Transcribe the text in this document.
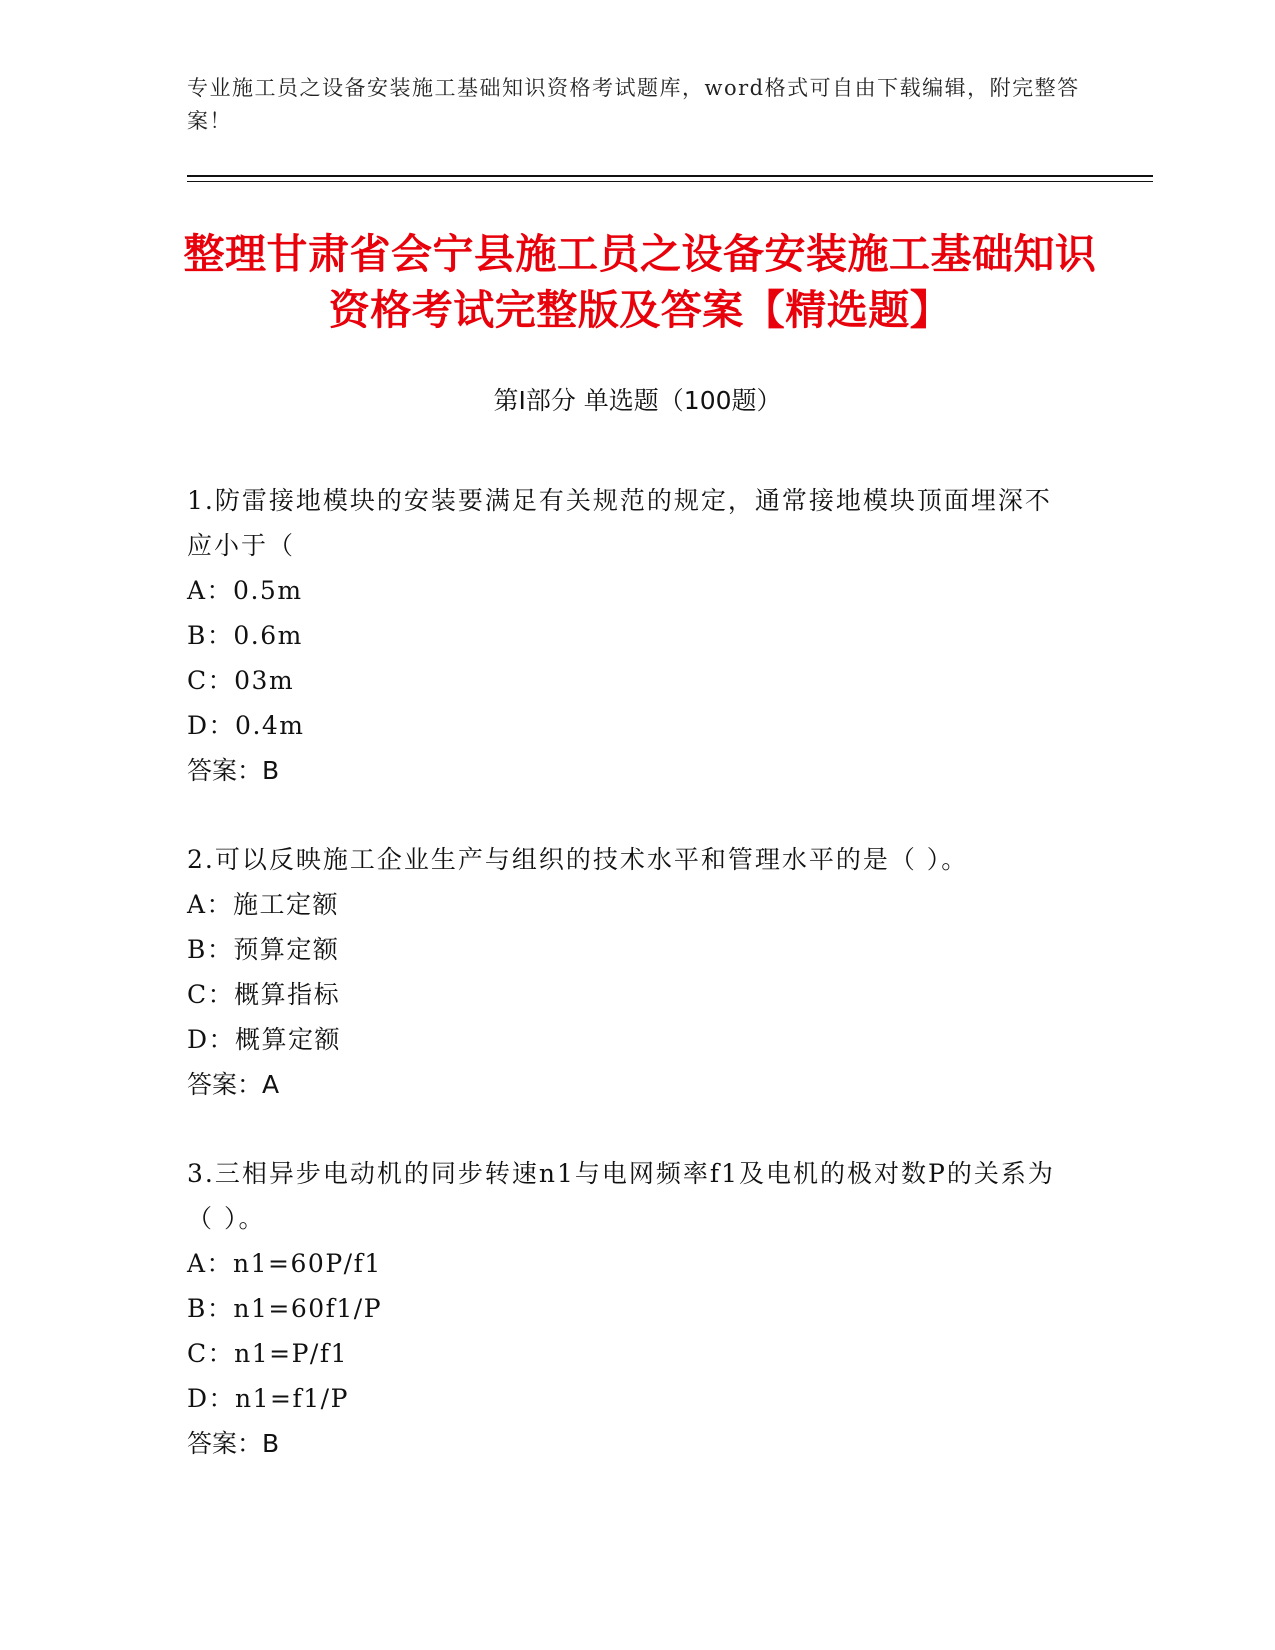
专业施工员之设备安装施工基础知识资格考试题库，word格式可自由下载编辑，附完整答案！
整理甘肃省会宁县施工员之设备安装施工基础知识资格考试完整版及答案【精选题】
第Ⅰ部分 单选题（100题）

1.防雷接地模块的安装要满足有关规范的规定，通常接地模块顶面埋深不应小于（

A：0.5m

B：0.6m

C：03m

D：0.4m

答案：B

2.可以反映施工企业生产与组织的技术水平和管理水平的是（ ）。

A：施工定额

B：预算定额

C：概算指标

D：概算定额

答案：A

3.三相异步电动机的同步转速n1与电网频率f1及电机的极对数P的关系为（ ）。

A：n1=60P/f1

B：n1=60f1/P

C：n1=P/f1

D：n1=f1/P

答案：B
